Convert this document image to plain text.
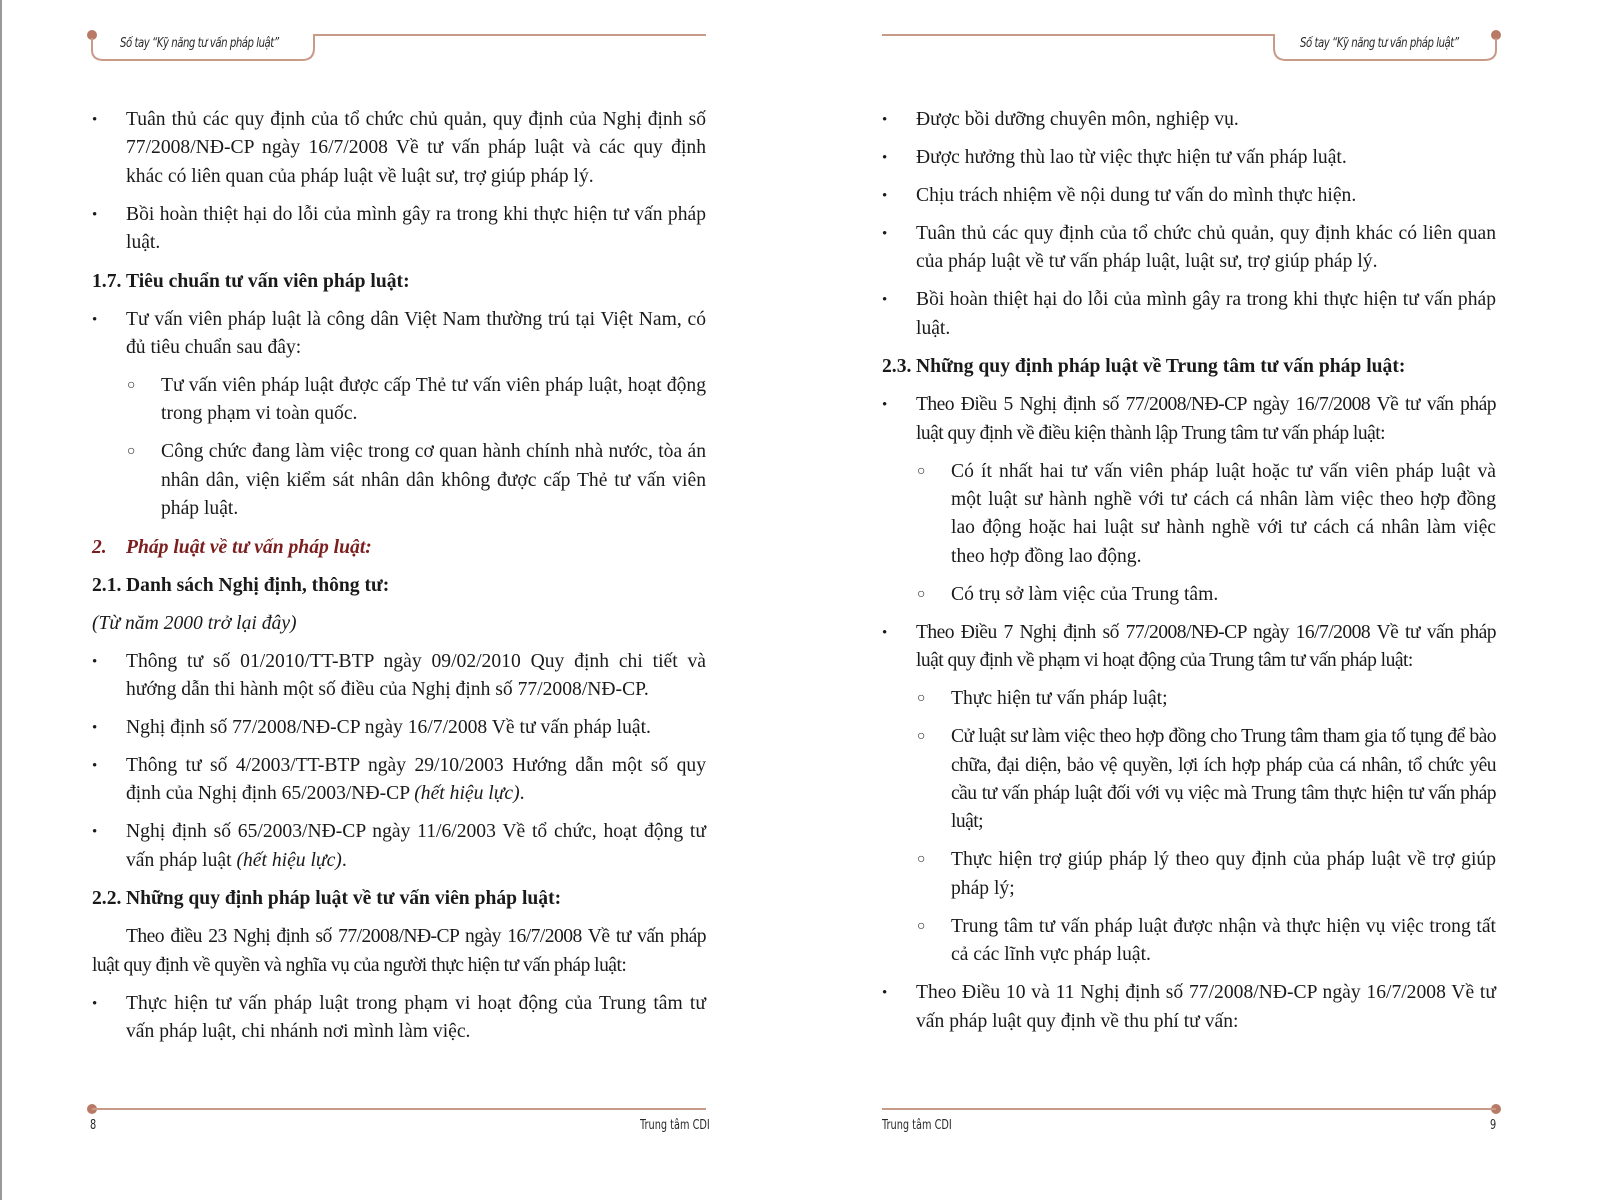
Số tay “Kỹ năng tư vấn pháp luật”
•	Tuân thủ các quy định của tổ chức chủ quản, quy định của Nghị định số 77/2008/NĐ-CP ngày 16/7/2008 Về tư vấn pháp luật và các quy định khác có liên quan của pháp luật về luật sư, trợ giúp pháp lý.
•	Bồi hoàn thiệt hại do lỗi của mình gây ra trong khi thực hiện tư vấn pháp luật.
1.7. Tiêu chuẩn tư vấn viên pháp luật:
•	Tư vấn viên pháp luật là công dân Việt Nam thường trú tại Việt Nam, có đủ tiêu chuẩn sau đây:
○ Tư vấn viên pháp luật được cấp Thẻ tư vấn viên pháp luật, hoạt động trong phạm vi toàn quốc.
○ Công chức đang làm việc trong cơ quan hành chính nhà nước, tòa án nhân dân, viện kiểm sát nhân dân không được cấp Thẻ tư vấn viên pháp luật.
2. Pháp luật về tư vấn pháp luật:
2.1. Danh sách Nghị định, thông tư:
(Từ năm 2000 trở lại đây)
•	Thông tư số 01/2010/TT-BTP ngày 09/02/2010 Quy định chi tiết và hướng dẫn thi hành một số điều của Nghị định số 77/2008/NĐ-CP.
•	Nghị định số 77/2008/NĐ-CP ngày 16/7/2008 Về tư vấn pháp luật.
•	Thông tư số 4/2003/TT-BTP ngày 29/10/2003 Hướng dẫn một số quy định của Nghị định 65/2003/NĐ-CP (hết hiệu lực).
•	Nghị định số 65/2003/NĐ-CP ngày 11/6/2003 Về tổ chức, hoạt động tư vấn pháp luật (hết hiệu lực).
2.2. Những quy định pháp luật về tư vấn viên pháp luật:
Theo điều 23 Nghị định số 77/2008/NĐ-CP ngày 16/7/2008 Về tư vấn pháp luật quy định về quyền và nghĩa vụ của người thực hiện tư vấn pháp luật:
•	Thực hiện tư vấn pháp luật trong phạm vi hoạt động của Trung tâm tư vấn pháp luật, chi nhánh nơi mình làm việc.
8	Trung tâm CDI
Số tay “Kỹ năng tư vấn pháp luật”
•	Được bồi dưỡng chuyên môn, nghiệp vụ.
•	Được hưởng thù lao từ việc thực hiện tư vấn pháp luật.
•	Chịu trách nhiệm về nội dung tư vấn do mình thực hiện.
•	Tuân thủ các quy định của tổ chức chủ quản, quy định khác có liên quan của pháp luật về tư vấn pháp luật, luật sư, trợ giúp pháp lý.
•	Bồi hoàn thiệt hại do lỗi của mình gây ra trong khi thực hiện tư vấn pháp luật.
2.3. Những quy định pháp luật về Trung tâm tư vấn pháp luật:
•	Theo Điều 5 Nghị định số 77/2008/NĐ-CP ngày 16/7/2008 Về tư vấn pháp luật quy định về điều kiện thành lập Trung tâm tư vấn pháp luật:
○ Có ít nhất hai tư vấn viên pháp luật hoặc tư vấn viên pháp luật và một luật sư hành nghề với tư cách cá nhân làm việc theo hợp đồng lao động hoặc hai luật sư hành nghề với tư cách cá nhân làm việc theo hợp đồng lao động.
○ Có trụ sở làm việc của Trung tâm.
•	Theo Điều 7 Nghị định số 77/2008/NĐ-CP ngày 16/7/2008 Về tư vấn pháp luật quy định về phạm vi hoạt động của Trung tâm tư vấn pháp luật:
○ Thực hiện tư vấn pháp luật;
○ Cử luật sư làm việc theo hợp đồng cho Trung tâm tham gia tố tụng để bào chữa, đại diện, bảo vệ quyền, lợi ích hợp pháp của cá nhân, tổ chức yêu cầu tư vấn pháp luật đối với vụ việc mà Trung tâm thực hiện tư vấn pháp luật;
○ Thực hiện trợ giúp pháp lý theo quy định của pháp luật về trợ giúp pháp lý;
○ Trung tâm tư vấn pháp luật được nhận và thực hiện vụ việc trong tất cả các lĩnh vực pháp luật.
•	Theo Điều 10 và 11 Nghị định số 77/2008/NĐ-CP ngày 16/7/2008 Về tư vấn pháp luật quy định về thu phí tư vấn:
Trung tâm CDI	9
